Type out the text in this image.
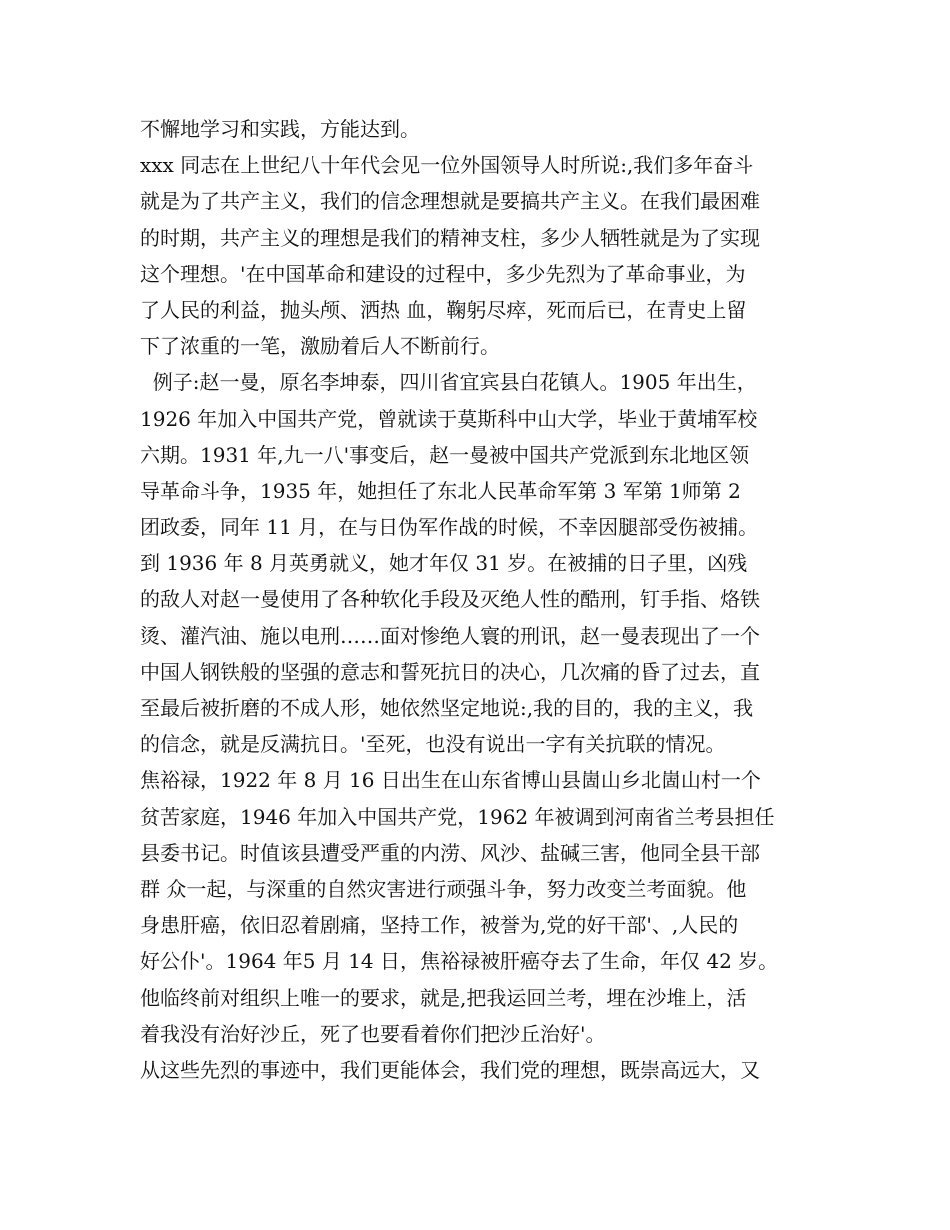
不懈地学习和实践，方能达到。
xxx 同志在上世纪八十年代会见一位外国领导人时所说:,我们多年奋斗
就是为了共产主义，我们的信念理想就是要搞共产主义。在我们最困难
的时期，共产主义的理想是我们的精神支柱，多少人牺牲就是为了实现
这个理想。'在中国革命和建设的过程中，多少先烈为了革命事业，为
了人民的利益，抛头颅、洒热 血，鞠躬尽瘁，死而后已，在青史上留
下了浓重的一笔，激励着后人不断前行。
例子:赵一曼，原名李坤泰，四川省宜宾县白花镇人。1905 年出生，
1926 年加入中国共产党，曾就读于莫斯科中山大学，毕业于黄埔军校
六期。1931 年,九一八'事变后，赵一曼被中国共产党派到东北地区领
导革命斗争，1935 年，她担任了东北人民革命军第 3 军第 1师第 2
团政委，同年 11 月，在与日伪军作战的时候，不幸因腿部受伤被捕。
到 1936 年 8 月英勇就义，她才年仅 31 岁。在被捕的日子里，凶残
的敌人对赵一曼使用了各种软化手段及灭绝人性的酷刑，钉手指、烙铁
烫、灌汽油、施以电刑……面对惨绝人寰的刑讯，赵一曼表现出了一个
中国人钢铁般的坚强的意志和誓死抗日的决心，几次痛的昏了过去，直
至最后被折磨的不成人形，她依然坚定地说:,我的目的，我的主义，我
的信念，就是反满抗日。'至死，也没有说出一字有关抗联的情况。
焦裕禄，1922 年 8 月 16 日出生在山东省博山县崮山乡北崮山村一个
贫苦家庭，1946 年加入中国共产党，1962 年被调到河南省兰考县担任
县委书记。时值该县遭受严重的内涝、风沙、盐碱三害，他同全县干部
群 众一起，与深重的自然灾害进行顽强斗争，努力改变兰考面貌。他
身患肝癌，依旧忍着剧痛，坚持工作，被誉为,党的好干部'、,人民的
好公仆'。1964 年5 月 14 日，焦裕禄被肝癌夺去了生命，年仅 42 岁。
他临终前对组织上唯一的要求，就是,把我运回兰考，埋在沙堆上，活
着我没有治好沙丘，死了也要看着你们把沙丘治好'。
从这些先烈的事迹中，我们更能体会，我们党的理想，既崇高远大，又
